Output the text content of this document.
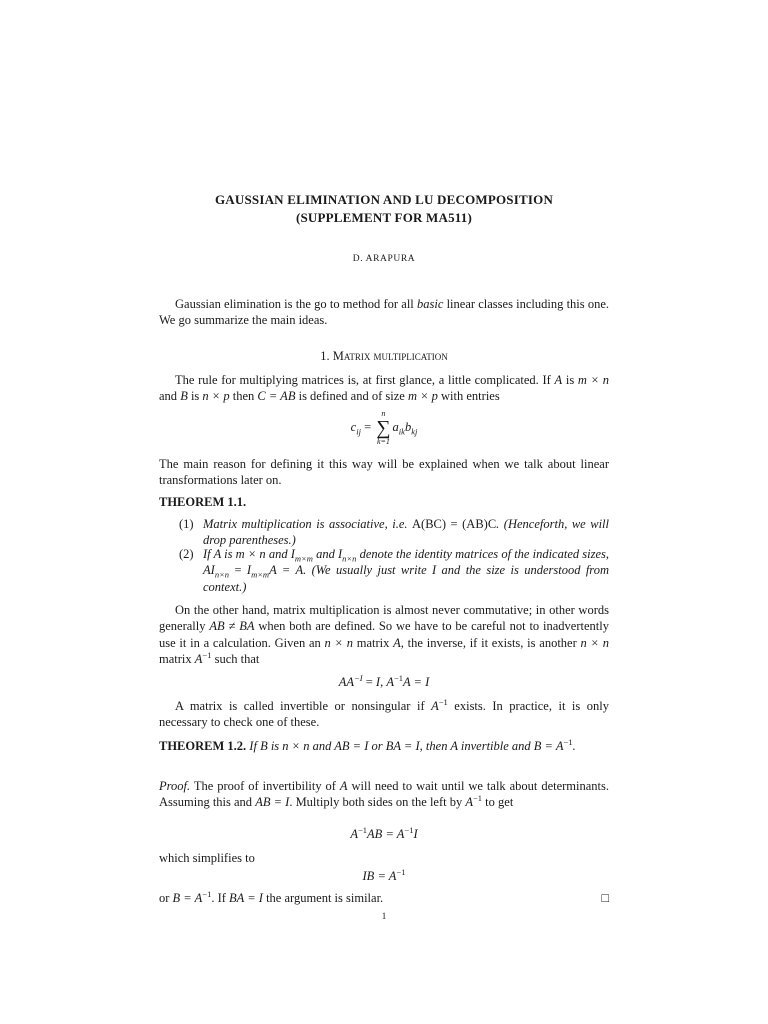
GAUSSIAN ELIMINATION AND LU DECOMPOSITION
(SUPPLEMENT FOR MA511)
D. ARAPURA
Gaussian elimination is the go to method for all basic linear classes including this one. We go summarize the main ideas.
1. Matrix multiplication
The rule for multiplying matrices is, at first glance, a little complicated. If A is m × n and B is n × p then C = AB is defined and of size m × p with entries
$c_{ij}$ =
n
∑
k=1
$a_{ik}b_{kj}$
The main reason for defining it this way will be explained when we talk about linear transformations later on.
THEOREM 1.1.
(1) Matrix multiplication is associative, i.e. A(BC) = (AB)C. (Henceforth, we will drop parentheses.)
(2) If A is m × n and $I_{m\times m}$ and $I_{n\times n}$ denote the identity matrices of the indicated sizes, $AI_{n\times n} = I_{m\times m}A = A$. (We usually just write I and the size is understood from context.)
On the other hand, matrix multiplication is almost never commutative; in other words generally AB ≠ BA when both are defined. So we have to be careful not to inadvertently use it in a calculation. Given an n × n matrix A, the inverse, if it exists, is another n × n matrix $A^{-1}$ such that
$AA^{-I} = I$, $A^{-1}A = I$
A matrix is called invertible or nonsingular if $A^{-1}$ exists. In practice, it is only necessary to check one of these.
THEOREM 1.2. If B is n × n and AB = I or BA = I, then A invertible and $B = A^{-1}$.
Proof. The proof of invertibility of A will need to wait until we talk about determinants. Assuming this and AB = I. Multiply both sides on the left by $A^{-1}$ to get
$A^{-1}AB = A^{-1}I$
which simplifies to
IB = $A^{-1}$
or $B = A^{-1}$. If BA = I the argument is similar.	□
1
